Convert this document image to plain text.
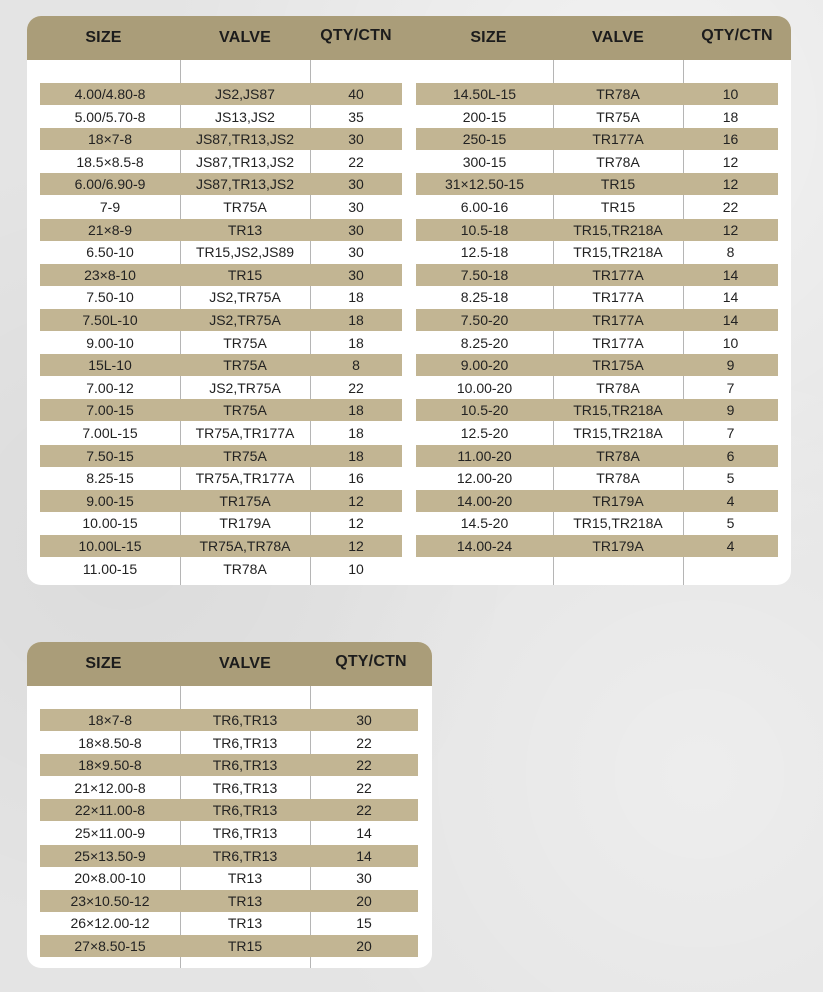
SIZE	VALVE	QTY/CTN	SIZE	VALVE	QTY/CTN
4.00/4.80-8	JS2,JS87	40
5.00/5.70-8	JS13,JS2	35
18×7-8	JS87,TR13,JS2	30
18.5×8.5-8	JS87,TR13,JS2	22
6.00/6.90-9	JS87,TR13,JS2	30
7-9	TR75A	30
21×8-9	TR13	30
6.50-10	TR15,JS2,JS89	30
23×8-10	TR15	30
7.50-10	JS2,TR75A	18
7.50L-10	JS2,TR75A	18
9.00-10	TR75A	18
15L-10	TR75A	8
7.00-12	JS2,TR75A	22
7.00-15	TR75A	18
7.00L-15	TR75A,TR177A	18
7.50-15	TR75A	18
8.25-15	TR75A,TR177A	16
9.00-15	TR175A	12
10.00-15	TR179A	12
10.00L-15	TR75A,TR78A	12
11.00-15	TR78A	10
14.50L-15	TR78A	10
200-15	TR75A	18
250-15	TR177A	16
300-15	TR78A	12
31×12.50-15	TR15	12
6.00-16	TR15	22
10.5-18	TR15,TR218A	12
12.5-18	TR15,TR218A	8
7.50-18	TR177A	14
8.25-18	TR177A	14
7.50-20	TR177A	14
8.25-20	TR177A	10
9.00-20	TR175A	9
10.00-20	TR78A	7
10.5-20	TR15,TR218A	9
12.5-20	TR15,TR218A	7
11.00-20	TR78A	6
12.00-20	TR78A	5
14.00-20	TR179A	4
14.5-20	TR15,TR218A	5
14.00-24	TR179A	4
SIZE	VALVE	QTY/CTN
18×7-8	TR6,TR13	30
18×8.50-8	TR6,TR13	22
18×9.50-8	TR6,TR13	22
21×12.00-8	TR6,TR13	22
22×11.00-8	TR6,TR13	22
25×11.00-9	TR6,TR13	14
25×13.50-9	TR6,TR13	14
20×8.00-10	TR13	30
23×10.50-12	TR13	20
26×12.00-12	TR13	15
27×8.50-15	TR15	20
